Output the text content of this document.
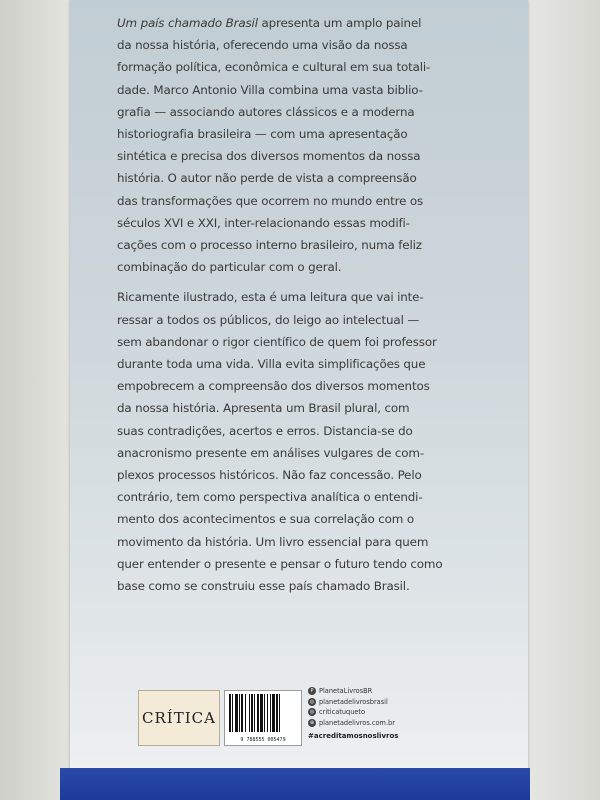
Um país chamado Brasil apresenta um amplo painel
da nossa história, oferecendo uma visão da nossa
formação política, econômica e cultural em sua totali-
dade. Marco Antonio Villa combina uma vasta biblio-
grafia — associando autores clássicos e a moderna
historiografia brasileira — com uma apresentação
sintética e precisa dos diversos momentos da nossa
história. O autor não perde de vista a compreensão
das transformações que ocorrem no mundo entre os
séculos XVI e XXI, inter-relacionando essas modifi-
cações com o processo interno brasileiro, numa feliz
combinação do particular com o geral.

Ricamente ilustrado, esta é uma leitura que vai inte-
ressar a todos os públicos, do leigo ao intelectual —
sem abandonar o rigor científico de quem foi professor
durante toda uma vida. Villa evita simplificações que
empobrecem a compreensão dos diversos momentos
da nossa história. Apresenta um Brasil plural, com
suas contradições, acertos e erros. Distancia-se do
anacronismo presente em análises vulgares de com-
plexos processos históricos. Não faz concessão. Pelo
contrário, tem como perspectiva analítica o entendi-
mento dos acontecimentos e sua correlação com o
movimento da história. Um livro essencial para quem
quer entender o presente e pensar o futuro tendo como
base como se construiu esse país chamado Brasil.

CRÍTICA
9 788555 005479
P PlanetaLivrosBR
◎ planetadelivrosbrasil
◎ criticatuqueto
⊕ planetadelivros.com.br
#acreditamosnoslivros
